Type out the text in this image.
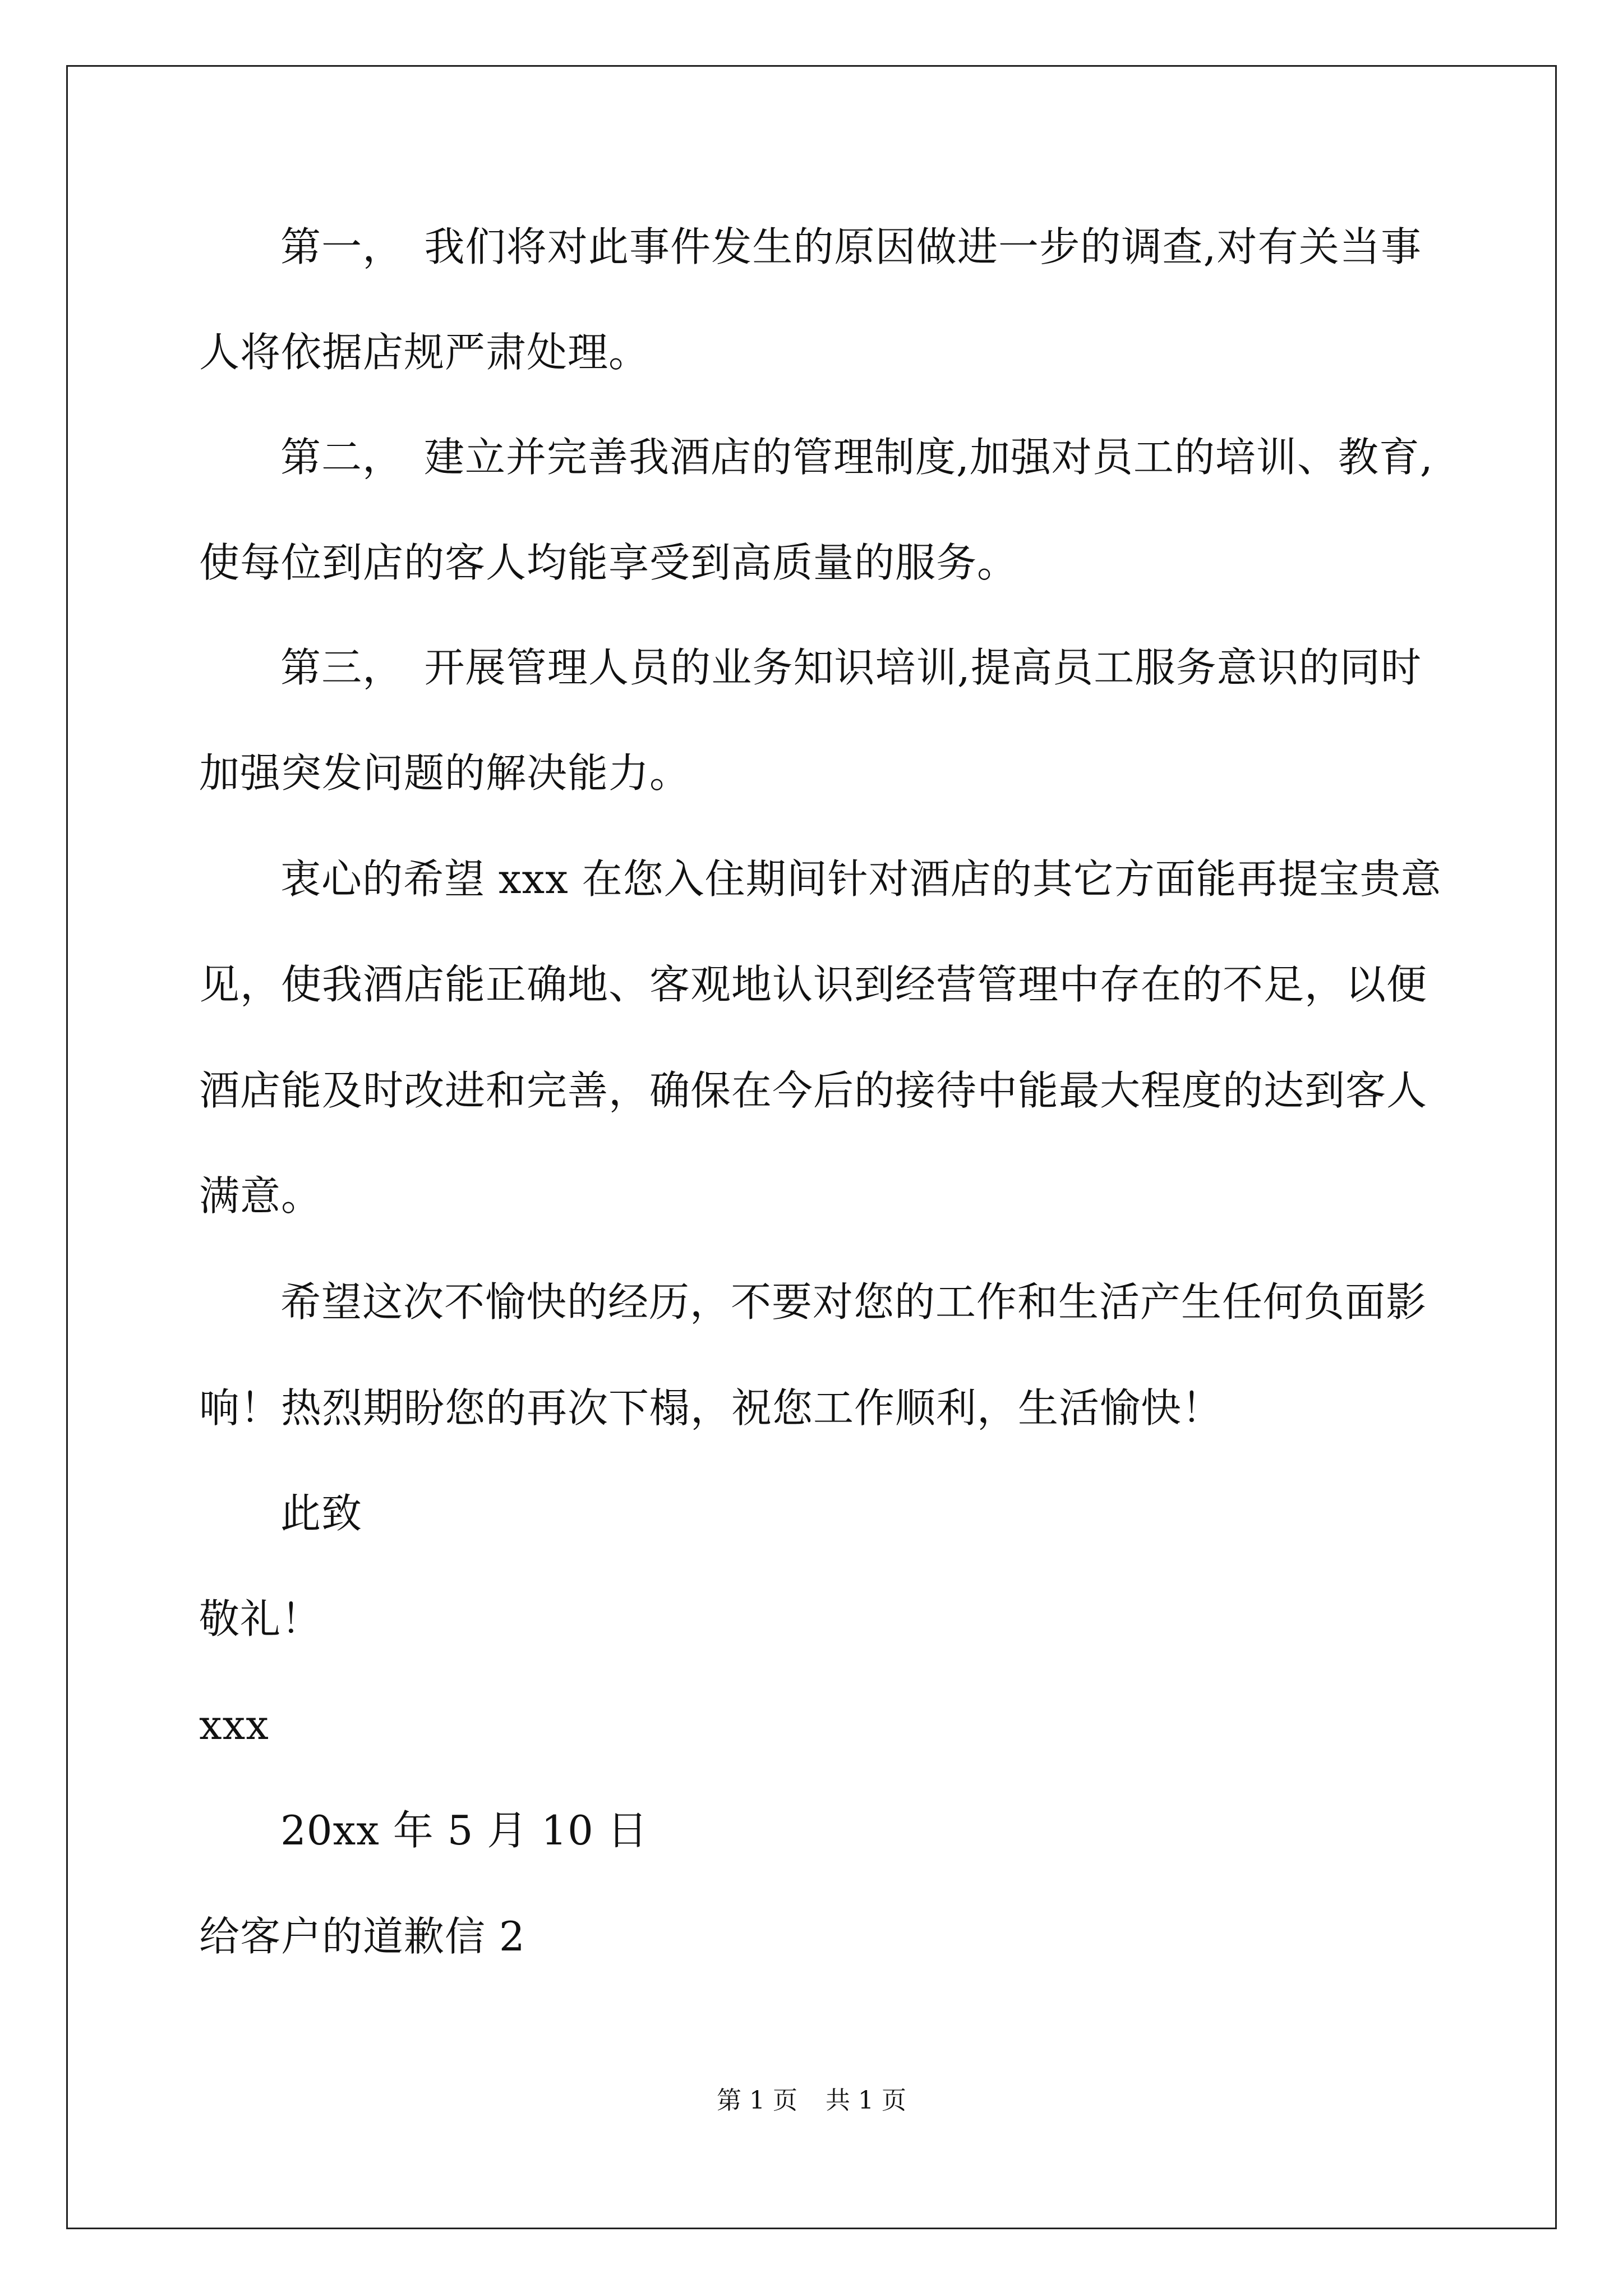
第一，　我们将对此事件发生的原因做进一步的调查,对有关当事
人将依据店规严肃处理。
第二，　建立并完善我酒店的管理制度,加强对员工的培训、教育,
使每位到店的客人均能享受到高质量的服务。
第三，　开展管理人员的业务知识培训,提高员工服务意识的同时
加强突发问题的解决能力。
衷心的希望 xxx 在您入住期间针对酒店的其它方面能再提宝贵意
见，使我酒店能正确地、客观地认识到经营管理中存在的不足，以便
酒店能及时改进和完善，确保在今后的接待中能最大程度的达到客人
满意。
希望这次不愉快的经历，不要对您的工作和生活产生任何负面影
响！热烈期盼您的再次下榻，祝您工作顺利，生活愉快！
此致
敬礼！
xxx
20xx 年 5 月 10 日
给客户的道歉信 2
第 1 页 共 1 页
